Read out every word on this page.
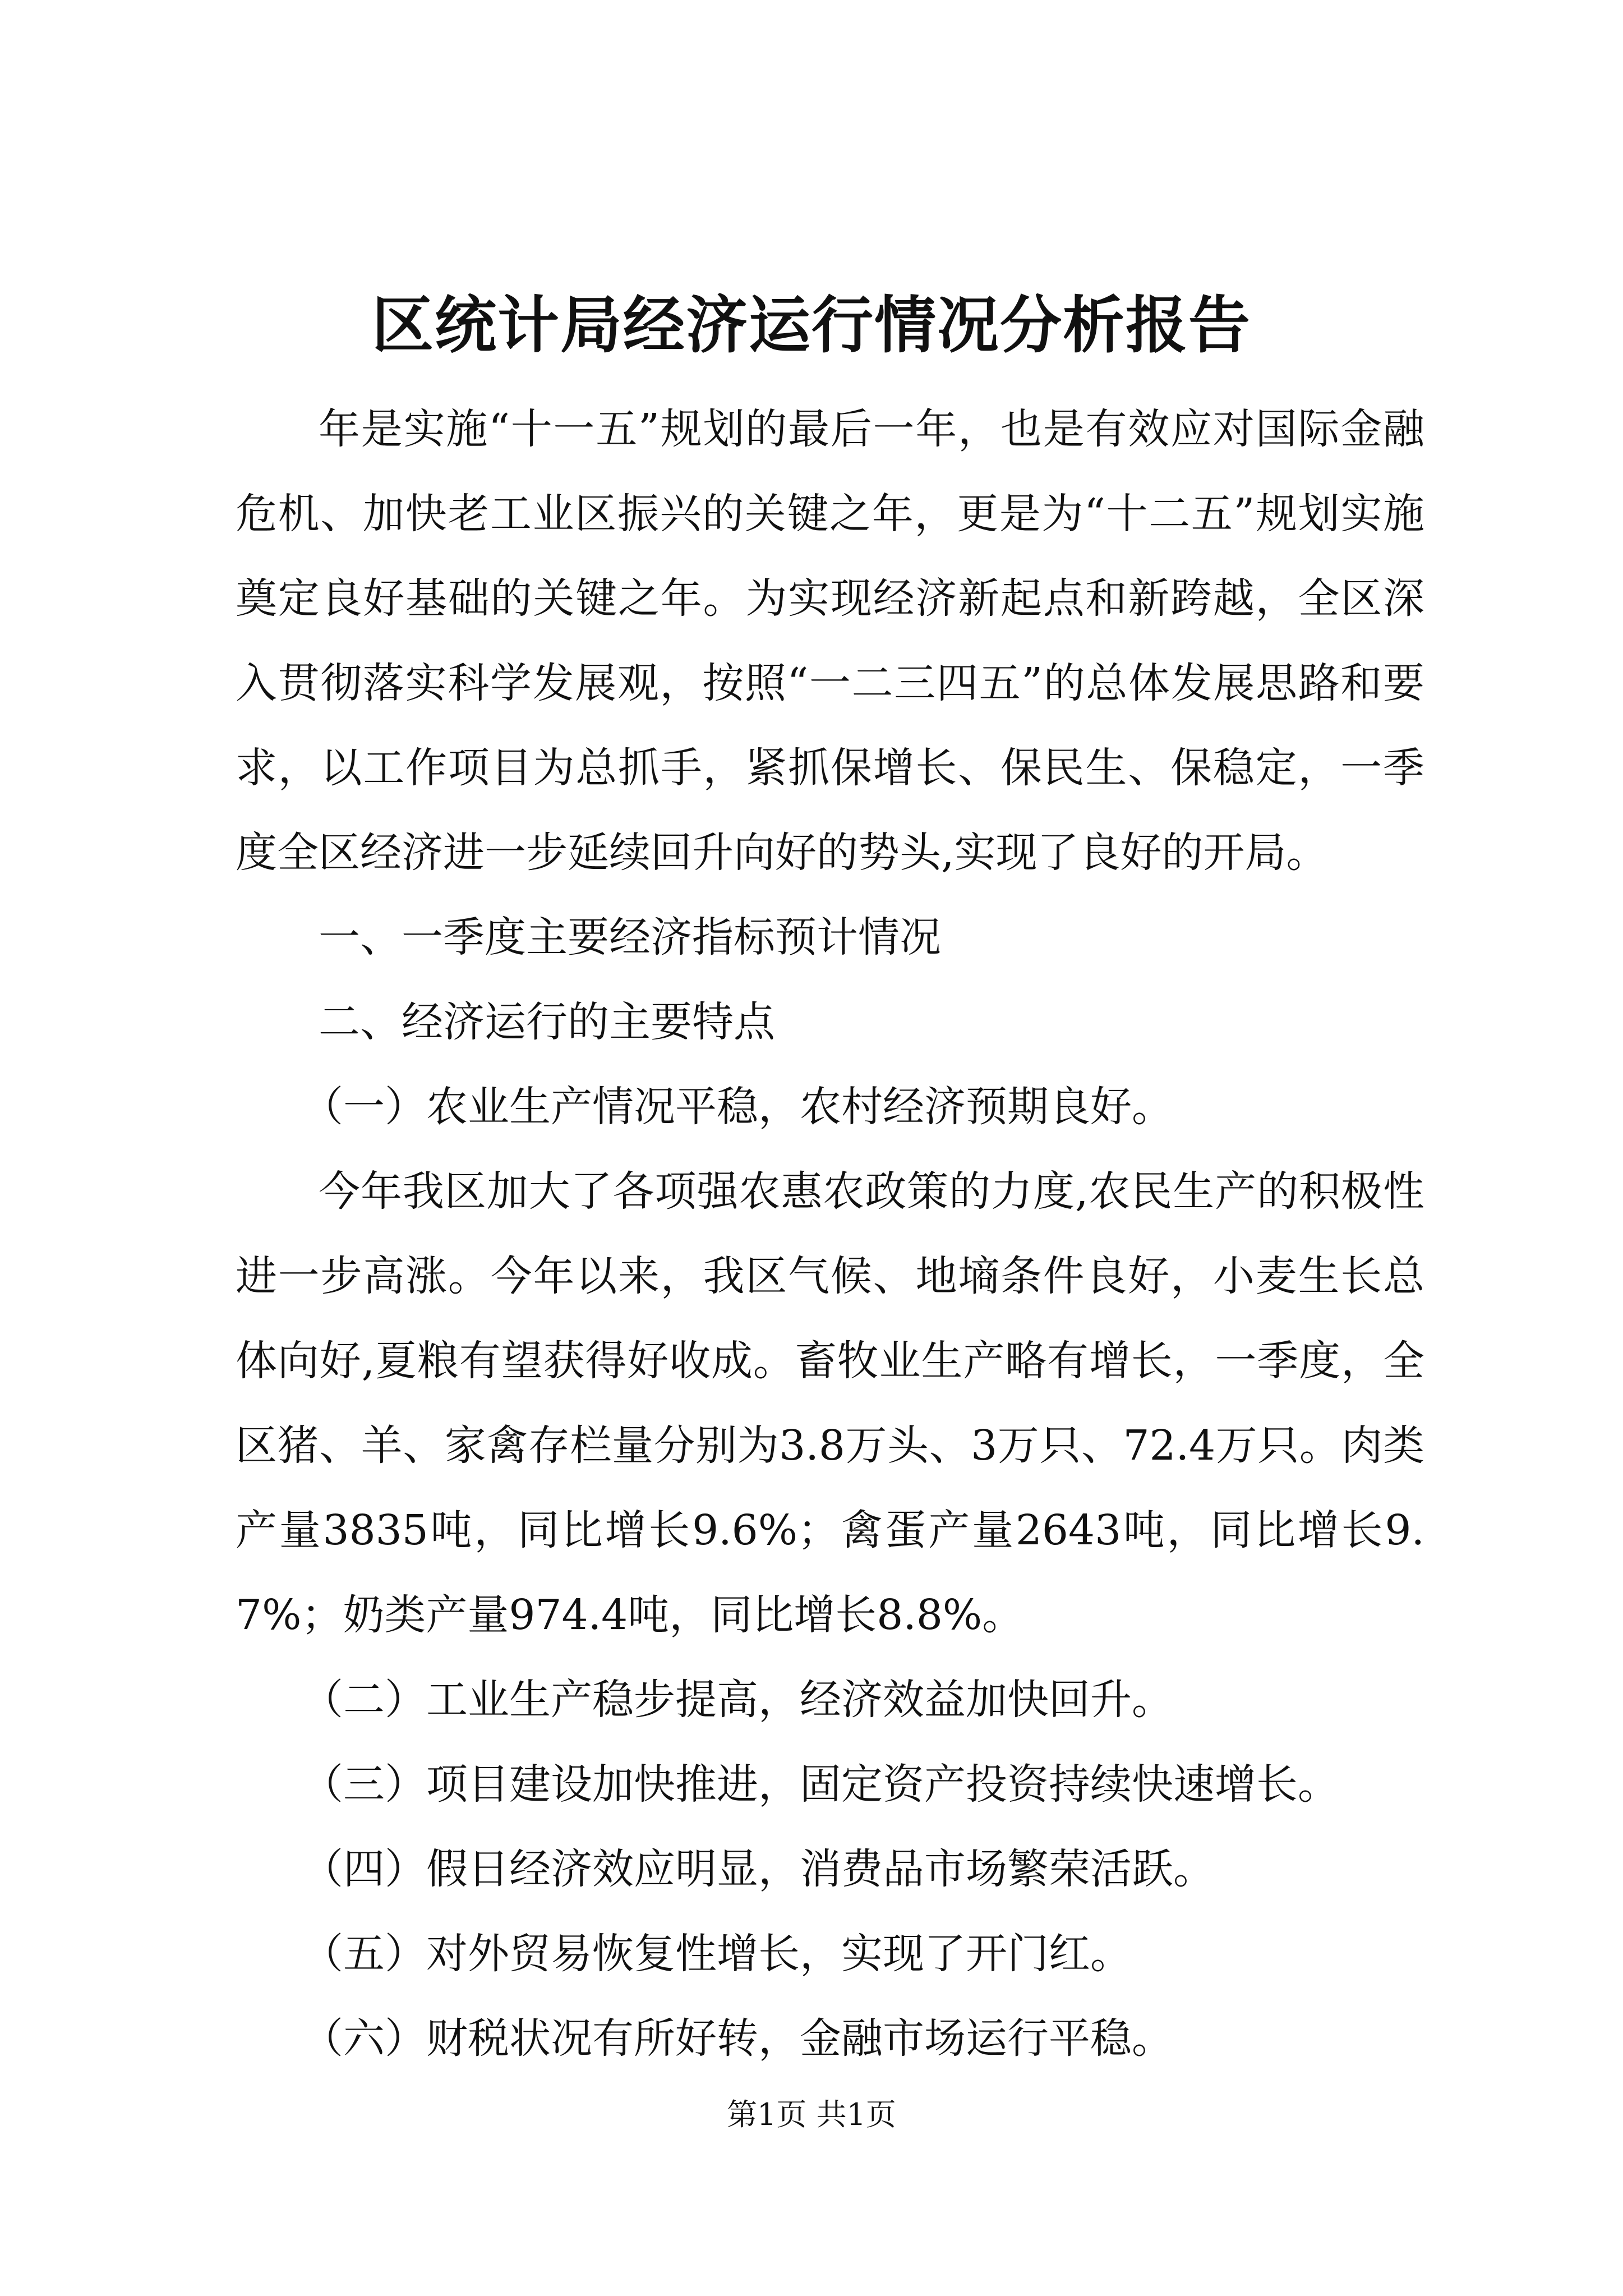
区统计局经济运行情况分析报告

年是实施“十一五”规划的最后一年，也是有效应对国际金融危机、加快老工业区振兴的关键之年，更是为“十二五”规划实施奠定良好基础的关键之年。为实现经济新起点和新跨越，全区深入贯彻落实科学发展观，按照“一二三四五”的总体发展思路和要求，以工作项目为总抓手，紧抓保增长、保民生、保稳定，一季度全区经济进一步延续回升向好的势头,实现了良好的开局。

一、一季度主要经济指标预计情况

二、经济运行的主要特点

（一）农业生产情况平稳，农村经济预期良好。

今年我区加大了各项强农惠农政策的力度,农民生产的积极性进一步高涨。今年以来，我区气候、地墒条件良好，小麦生长总体向好,夏粮有望获得好收成。畜牧业生产略有增长，一季度，全区猪、羊、家禽存栏量分别为3.8万头、3万只、72.4万只。肉类产量3835吨，同比增长9.6%；禽蛋产量2643吨，同比增长9.7%；奶类产量974.4吨，同比增长8.8%。

（二）工业生产稳步提高，经济效益加快回升。

（三）项目建设加快推进，固定资产投资持续快速增长。

（四）假日经济效应明显，消费品市场繁荣活跃。

（五）对外贸易恢复性增长，实现了开门红。

（六）财税状况有所好转，金融市场运行平稳。

第1页 共1页
